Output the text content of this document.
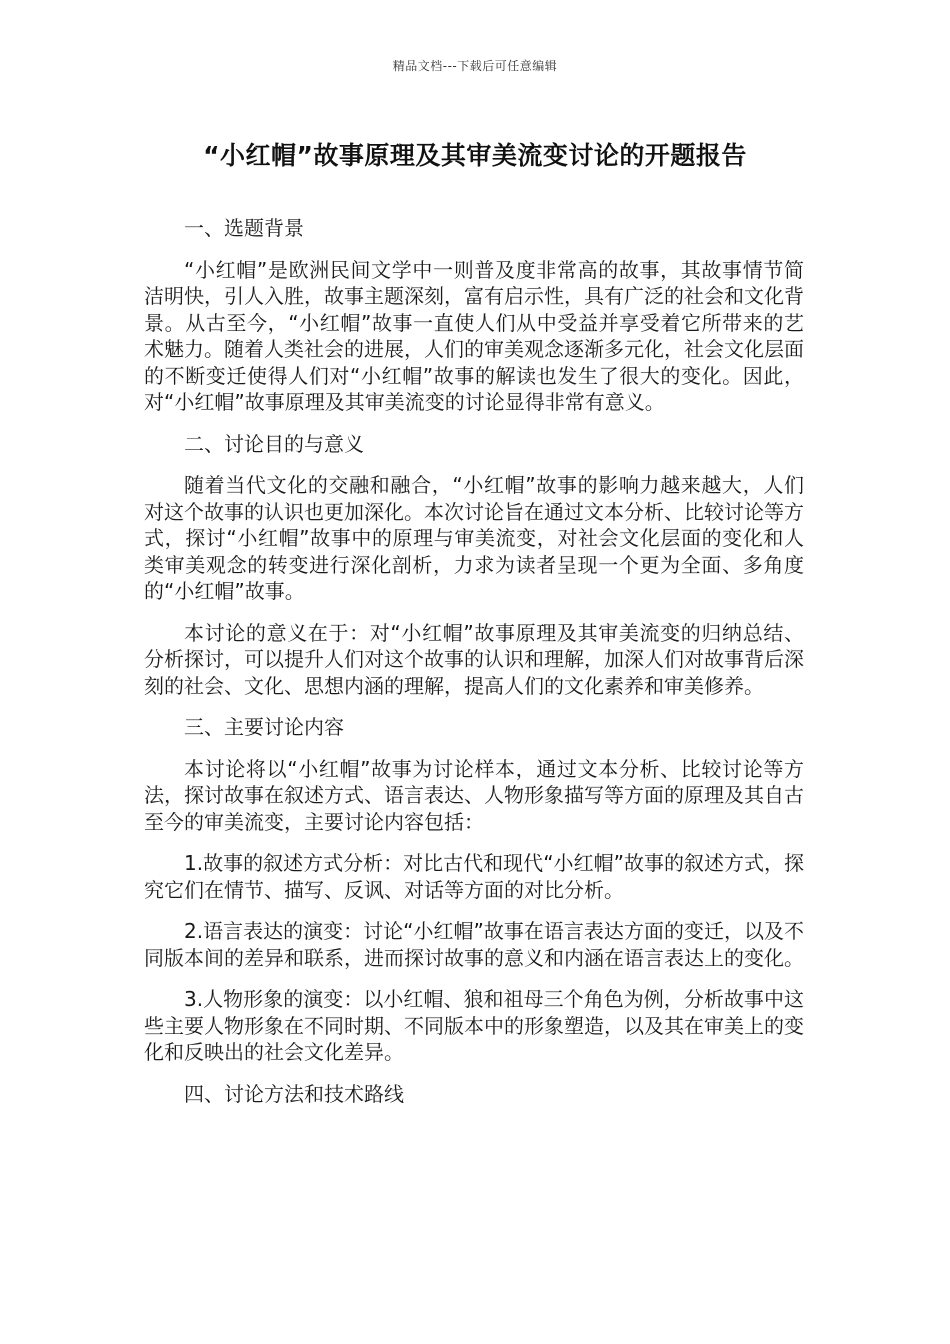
精品文档---下载后可任意编辑
“小红帽”故事原理及其审美流变讨论的开题报告

一、选题背景

“小红帽”是欧洲民间文学中一则普及度非常高的故事，其故事情节简洁明快，引人入胜，故事主题深刻，富有启示性，具有广泛的社会和文化背景。从古至今，“小红帽”故事一直使人们从中受益并享受着它所带来的艺术魅力。随着人类社会的进展，人们的审美观念逐渐多元化，社会文化层面的不断变迁使得人们对“小红帽”故事的解读也发生了很大的变化。因此，对“小红帽”故事原理及其审美流变的讨论显得非常有意义。

二、讨论目的与意义

随着当代文化的交融和融合，“小红帽”故事的影响力越来越大，人们对这个故事的认识也更加深化。本次讨论旨在通过文本分析、比较讨论等方式，探讨“小红帽”故事中的原理与审美流变，对社会文化层面的变化和人类审美观念的转变进行深化剖析，力求为读者呈现一个更为全面、多角度的“小红帽”故事。

本讨论的意义在于：对“小红帽”故事原理及其审美流变的归纳总结、分析探讨，可以提升人们对这个故事的认识和理解，加深人们对故事背后深刻的社会、文化、思想内涵的理解，提高人们的文化素养和审美修养。

三、主要讨论内容

本讨论将以“小红帽”故事为讨论样本，通过文本分析、比较讨论等方法，探讨故事在叙述方式、语言表达、人物形象描写等方面的原理及其自古至今的审美流变，主要讨论内容包括：

1.故事的叙述方式分析：对比古代和现代“小红帽”故事的叙述方式，探究它们在情节、描写、反讽、对话等方面的对比分析。

2.语言表达的演变：讨论“小红帽”故事在语言表达方面的变迁，以及不同版本间的差异和联系，进而探讨故事的意义和内涵在语言表达上的变化。

3.人物形象的演变：以小红帽、狼和祖母三个角色为例，分析故事中这些主要人物形象在不同时期、不同版本中的形象塑造，以及其在审美上的变化和反映出的社会文化差异。

四、讨论方法和技术路线
